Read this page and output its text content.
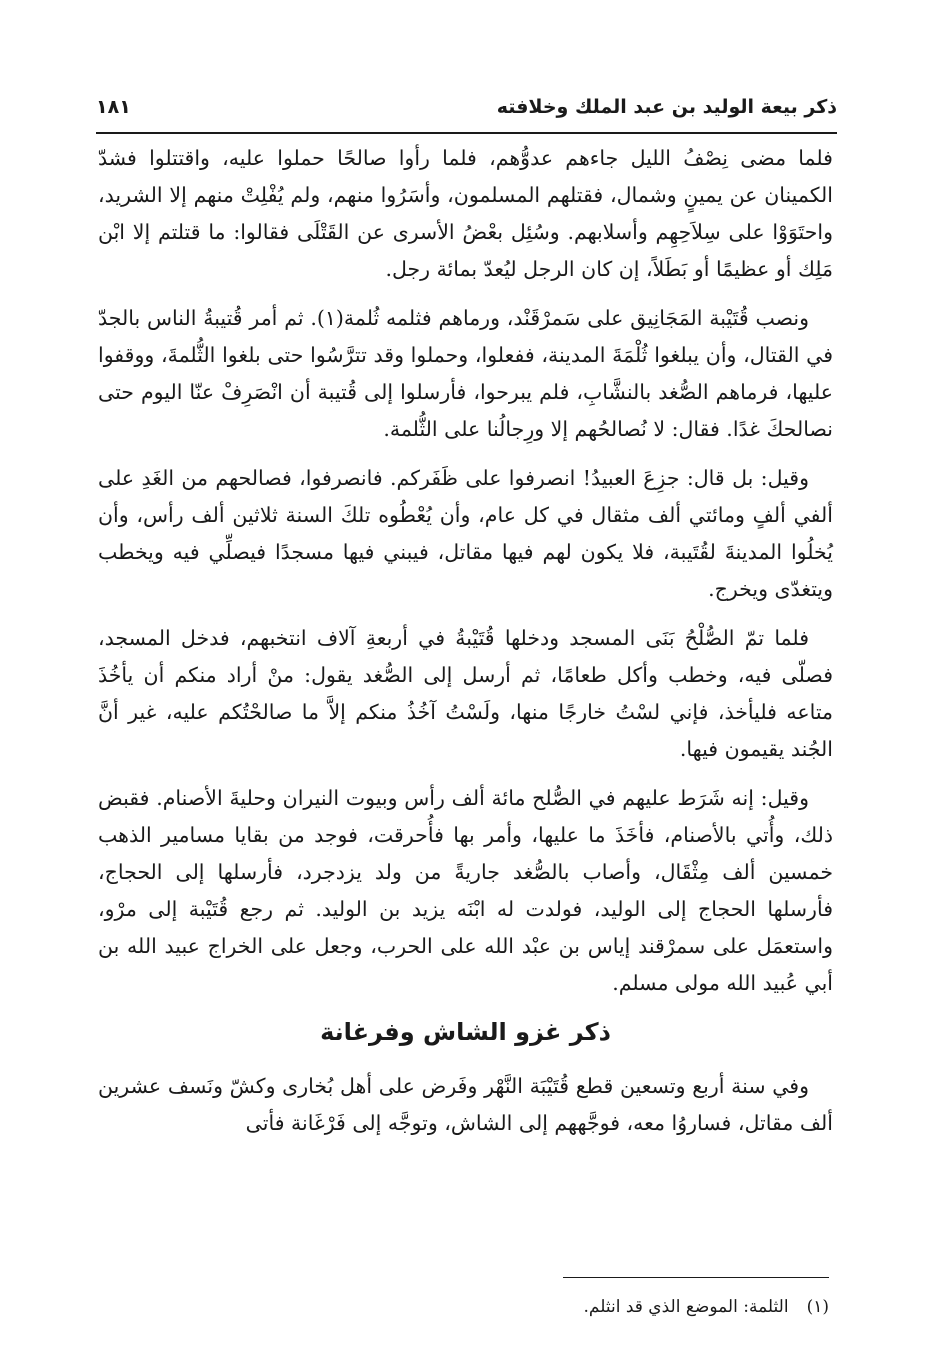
ذكر بيعة الوليد بن عبد الملك وخلافته
١٨١

فلما مضى نِصْفُ الليل جاءهم عدوُّهم، فلما رأوا صالحًا حملوا عليه، واقتتلوا فشدّ الكمينان عن يمينٍ وشمال، فقتلهم المسلمون، وأسَرُوا منهم، ولم يُفْلِتْ منهم إلا الشريد، واحتَوَوْا على سِلاَحِهِم وأسلابهم. وسُئِل بعْضُ الأسرى عن القَتْلَى فقالوا: ما قتلتم إلا ابْن مَلِك أو عظيمًا أو بَطَلاً، إن كان الرجل ليُعدّ بمائة رجل.

ونصب قُتَيْبة المَجَانِيق على سَمرْقَنْد، ورماهم فثلمه ثُلمة(١). ثم أمر قُتيبةُ الناس بالجدّ في القتال، وأن يبلغوا ثُلْمَةَ المدينة، ففعلوا، وحملوا وقد تترَّسُوا حتى بلغوا الثُّلمةَ، ووقفوا عليها، فرماهم الصُّغد بالنشَّابِ، فلم يبرحوا، فأرسلوا إلى قُتيبة أن انْصَرِفْ عنّا اليوم حتى نصالحكَ غدًا. فقال: لا نُصالحُهم إلا ورِجالُنا على الثُّلمة.

وقيل: بل قال: جزِعَ العبيدُ! انصرفوا على ظَفَركم. فانصرفوا، فصالحهم من الغَدِ على ألفي ألفٍ ومائتي ألف مثقال في كل عام، وأن يُعْطُوه تلكَ السنة ثلاثين ألف رأس، وأن يُخلُوا المدينةَ لقُتَيبة، فلا يكون لهم فيها مقاتل، فيبني فيها مسجدًا فيصلِّي فيه ويخطب ويتغدّى ويخرج.

فلما تمّ الصُّلْحُ بَنَى المسجد ودخلها قُتَيْبةُ في أربعةِ آلاف انتخبهم، فدخل المسجد، فصلّى فيه، وخطب وأكل طعامًا، ثم أرسل إلى الصُّغد يقول: منْ أراد منكم أن يأخُذَ متاعه فليأخذ، فإني لسْتُ خارجًا منها، ولَسْتُ آخُذُ منكم إلاَّ ما صالحْتُكم عليه، غير أنَّ الجُند يقيمون فيها.

وقيل: إنه شَرَط عليهم في الصُّلح مائة ألف رأس وبيوت النيران وحليةَ الأصنام. فقبض ذلك، وأُتي بالأصنام، فأخَذَ ما عليها، وأمر بها فأُحرقت، فوجد من بقايا مسامير الذهب خمسين ألف مِثْقَال، وأصاب بالصُّغد جاريةً من ولد يزدجرد، فأرسلها إلى الحجاج، فأرسلها الحجاج إلى الوليد، فولدت له ابْنَه يزيد بن الوليد. ثم رجع قُتَيْبة إلى مرْو، واستعمَل على سمرْقند إياس بن عبْد الله على الحرب، وجعل على الخراج عبيد الله بن أبي عُبيد الله مولى مسلم.

ذكر غزو الشاش وفرغانة

وفي سنة أربع وتسعين قطع قُتَيْبَة النَّهْر وفَرض على أهل بُخارى وكشّ ونَسف عشرين ألف مقاتل، فساروُا معه، فوجَّههم إلى الشاش، وتوجَّه إلى فَرْغَانة فأتى

(١)
الثلمة: الموضع الذي قد انثلم.
